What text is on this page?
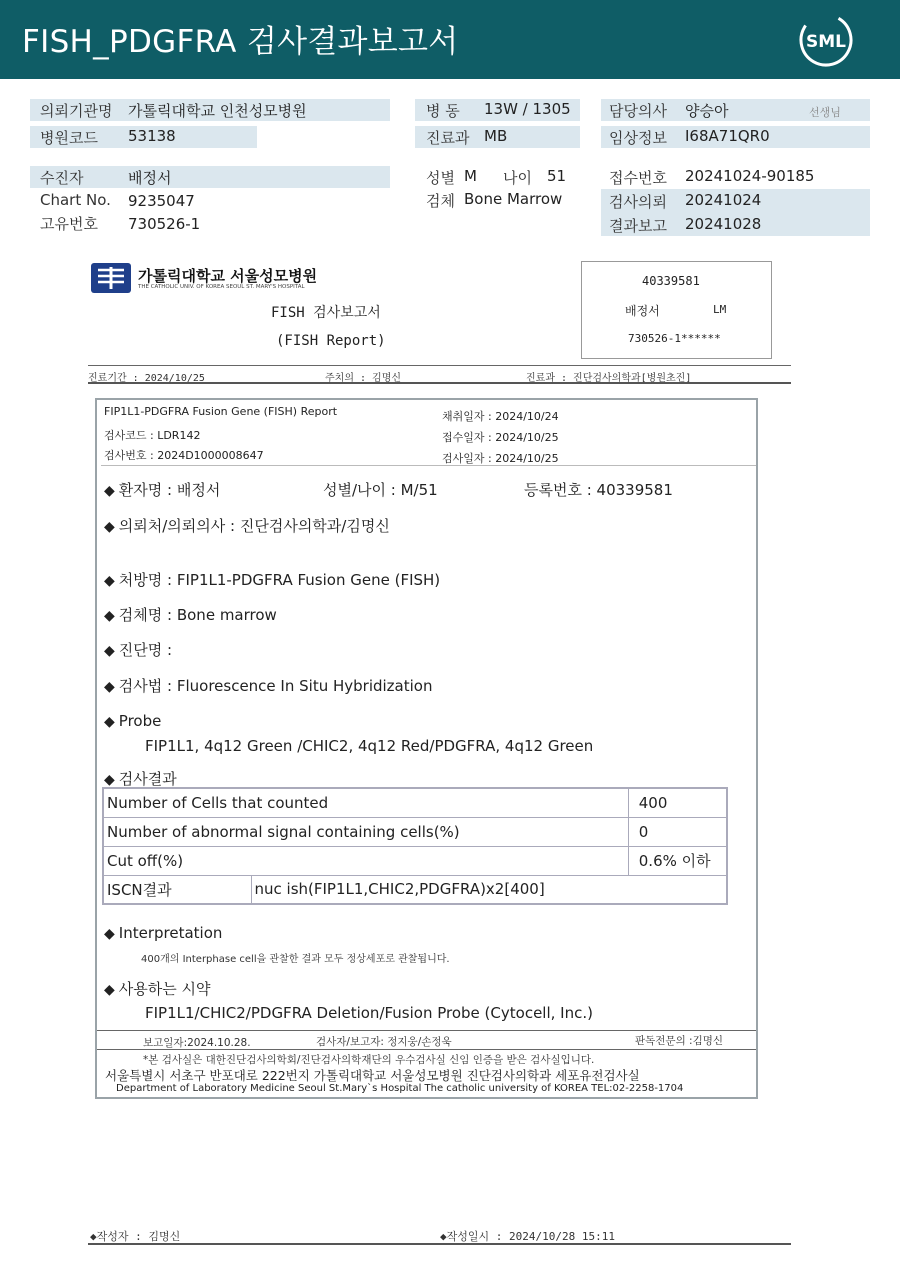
FISH_PDGFRA 검사결과보고서	SML
의뢰기관명 가톨릭대학교 인천성모병원
병원코드 53138
병 동 13W / 1305
진료과 MB
담당의사 양승아	선생님
임상정보 I68A71QR0
수진자	배정서
Chart No. 9235047
고유번호 730526-1
성별 M 나이 51
검체 Bone Marrow
접수번호 20241024-90185
검사의뢰 20241024
결과보고 20241028
가톨릭대학교 서울성모병원
THE CATHOLIC UNIV. OF KOREA SEOUL ST. MARY'S HOSPITAL
FISH 검사보고서
(FISH Report)
40339581
배정서	LM
730526-1******
진료기간 : 2024/10/25	주치의 : 김명신	진료과 : 진단검사의학과[병원초진]
FIP1L1-PDGFRA Fusion Gene (FISH) Report
검사코드 : LDR142
검사번호 : 2024D1000008647
채취일자 : 2024/10/24
접수일자 : 2024/10/25
검사일자 : 2024/10/25
◆ 환자명 : 배정서	성별/나이 : M/51	등록번호 : 40339581
◆ 의뢰처/의뢰의사 : 진단검사의학과/김명신
◆ 처방명 : FIP1L1-PDGFRA Fusion Gene (FISH)
◆ 검체명 : Bone marrow
◆ 진단명 :
◆ 검사법 : Fluorescence In Situ Hybridization
◆ Probe
FIP1L1, 4q12 Green /CHIC2, 4q12 Red/PDGFRA, 4q12 Green
◆ 검사결과
Number of Cells that counted		400
Number of abnormal signal containing cells(%)		0
Cut off(%)		0.6% 이하
ISCN결과	nuc ish(FIP1L1,CHIC2,PDGFRA)x2[400]	
◆ Interpretation
400개의 Interphase cell을 관찰한 결과 모두 정상세포로 관찰됩니다.
◆ 사용하는 시약
FIP1L1/CHIC2/PDGFRA Deletion/Fusion Probe (Cytocell, Inc.)
보고일자:2024.10.28.	검사자/보고자: 정지웅/손정욱	판독전문의 :김명신
*본 검사실은 대한진단검사의학회/진단검사의학재단의 우수검사실 신임 인증을 받은 검사실입니다.
서울특별시 서초구 반포대로 222번지 가톨릭대학교 서울성모병원 진단검사의학과 세포유전검사실
Department of Laboratory Medicine Seoul St.Mary`s Hospital The catholic university of KOREA TEL:02-2258-1704
◆작성자 : 김명신	◆작성일시 : 2024/10/28 15:11
